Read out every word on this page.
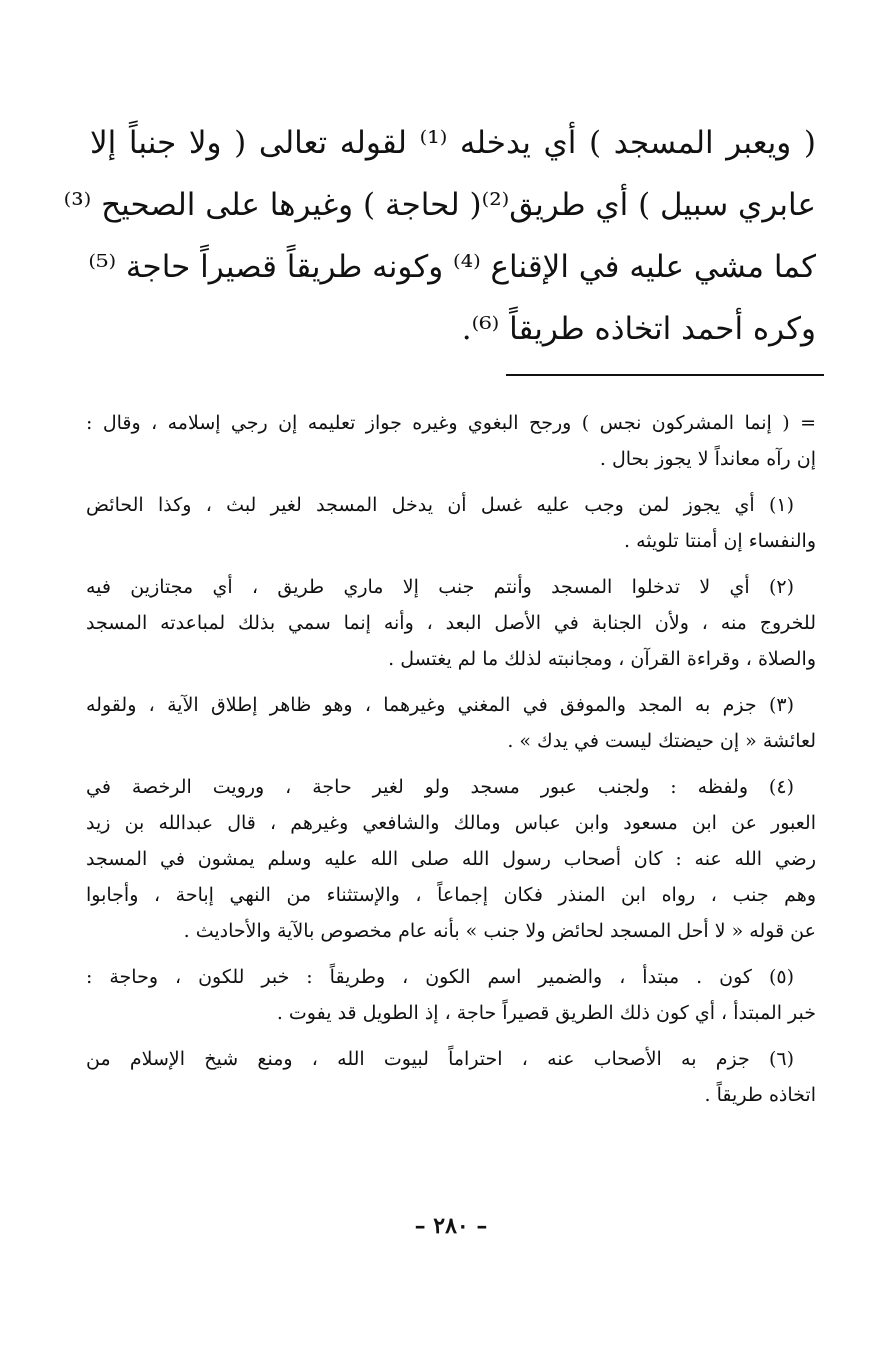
( ويعبر المسجد ) أي يدخله ⁽¹⁾ لقوله تعالى ( ولا جنباً إلا
عابري سبيل ) أي طريق⁽²⁾( لحاجة ) وغيرها على الصحيح ⁽³⁾
كما مشي عليه في الإقناع ⁽⁴⁾ وكونه طريقاً قصيراً حاجة ⁽⁵⁾
وكره أحمد اتخاذه طريقاً ⁽⁶⁾.
= ( إنما المشركون نجس ) ورجح البغوي وغيره جواز تعليمه إن رجي إسلامه ، وقال :
إن رآه معانداً لا يجوز بحال .
(١) أي يجوز لمن وجب عليه غسل أن يدخل المسجد لغير لبث ، وكذا الحائض
والنفساء إن أمنتا تلويثه .
(٢) أي لا تدخلوا المسجد وأنتم جنب إلا ماري طريق ، أي مجتازين فيه
للخروج منه ، ولأن الجنابة في الأصل البعد ، وأنه إنما سمي بذلك لمباعدته المسجد
والصلاة ، وقراءة القرآن ، ومجانبته لذلك ما لم يغتسل .
(٣) جزم به المجد والموفق في المغني وغيرهما ، وهو ظاهر إطلاق الآية ، ولقوله
لعائشة « إن حيضتك ليست في يدك » .
(٤) ولفظه : ولجنب عبور مسجد ولو لغير حاجة ، ورويت الرخصة في
العبور عن ابن مسعود وابن عباس ومالك والشافعي وغيرهم ، قال عبدالله بن زيد
رضي الله عنه : كان أصحاب رسول الله صلى الله عليه وسلم يمشون في المسجد
وهم جنب ، رواه ابن المنذر فكان إجماعاً ، والإستثناء من النهي إباحة ، وأجابوا
عن قوله « لا أحل المسجد لحائض ولا جنب » بأنه عام مخصوص بالآية والأحاديث .
(٥) كون . مبتدأ ، والضمير اسم الكون ، وطريقاً : خبر للكون ، وحاجة :
خبر المبتدأ ، أي كون ذلك الطريق قصيراً حاجة ، إذ الطويل قد يفوت .
(٦) جزم به الأصحاب عنه ، احتراماً لبيوت الله ، ومنع شيخ الإسلام من
اتخاذه طريقاً .
– ٢٨٠ –
